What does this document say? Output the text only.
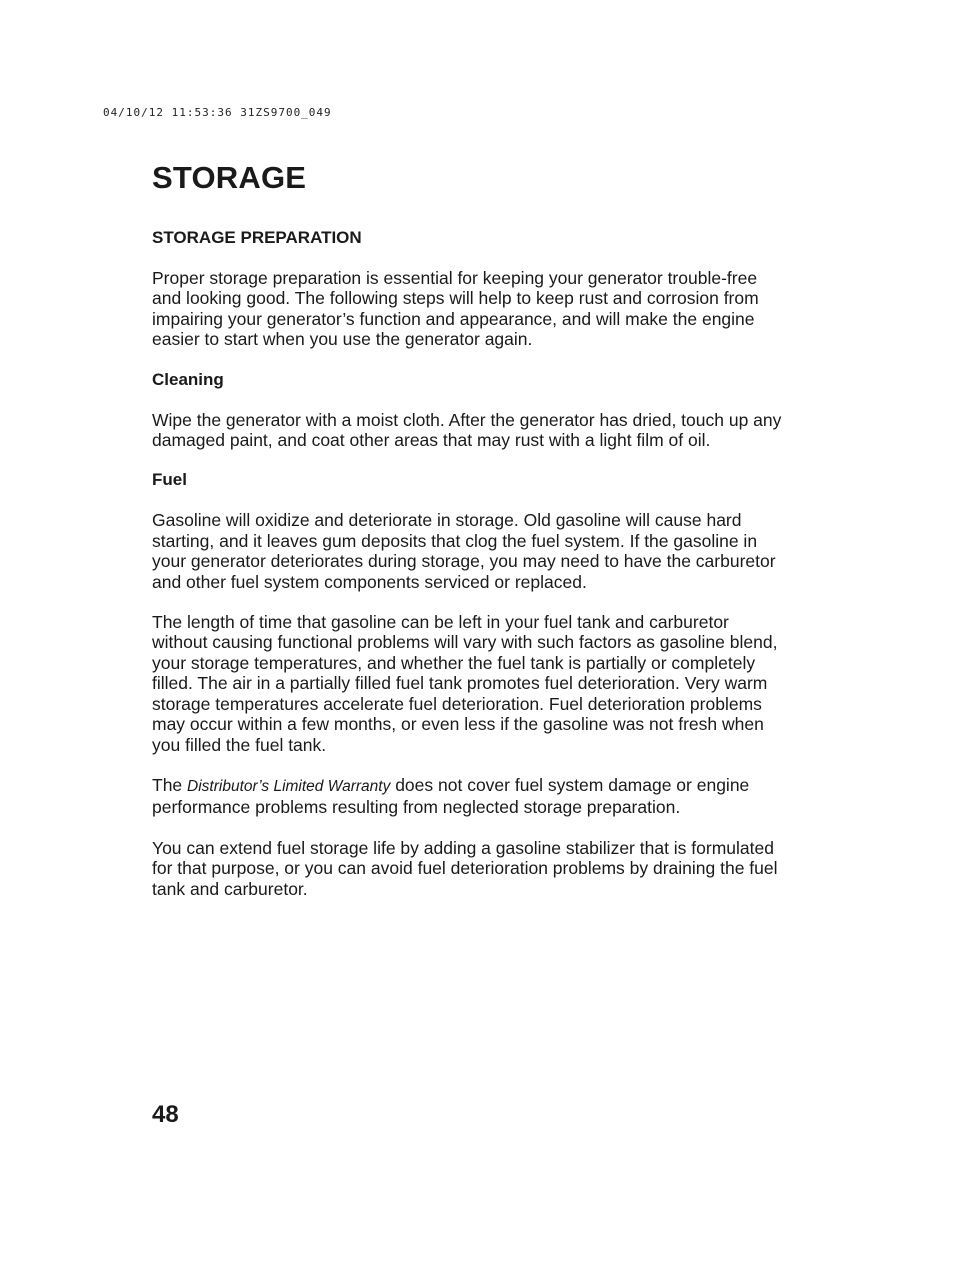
04/10/12 11:53:36 31ZS9700_049
STORAGE
STORAGE PREPARATION

Proper storage preparation is essential for keeping your generator trouble-free and looking good. The following steps will help to keep rust and corrosion from impairing your generator’s function and appearance, and will make the engine easier to start when you use the generator again.

Cleaning

Wipe the generator with a moist cloth. After the generator has dried, touch up any damaged paint, and coat other areas that may rust with a light film of oil.

Fuel

Gasoline will oxidize and deteriorate in storage. Old gasoline will cause hard starting, and it leaves gum deposits that clog the fuel system. If the gasoline in your generator deteriorates during storage, you may need to have the carburetor and other fuel system components serviced or replaced.

The length of time that gasoline can be left in your fuel tank and carburetor without causing functional problems will vary with such factors as gasoline blend, your storage temperatures, and whether the fuel tank is partially or completely filled. The air in a partially filled fuel tank promotes fuel deterioration. Very warm storage temperatures accelerate fuel deterioration. Fuel deterioration problems may occur within a few months, or even less if the gasoline was not fresh when you filled the fuel tank.

The Distributor’s Limited Warranty does not cover fuel system damage or engine performance problems resulting from neglected storage preparation.

You can extend fuel storage life by adding a gasoline stabilizer that is formulated for that purpose, or you can avoid fuel deterioration problems by draining the fuel tank and carburetor.

48
